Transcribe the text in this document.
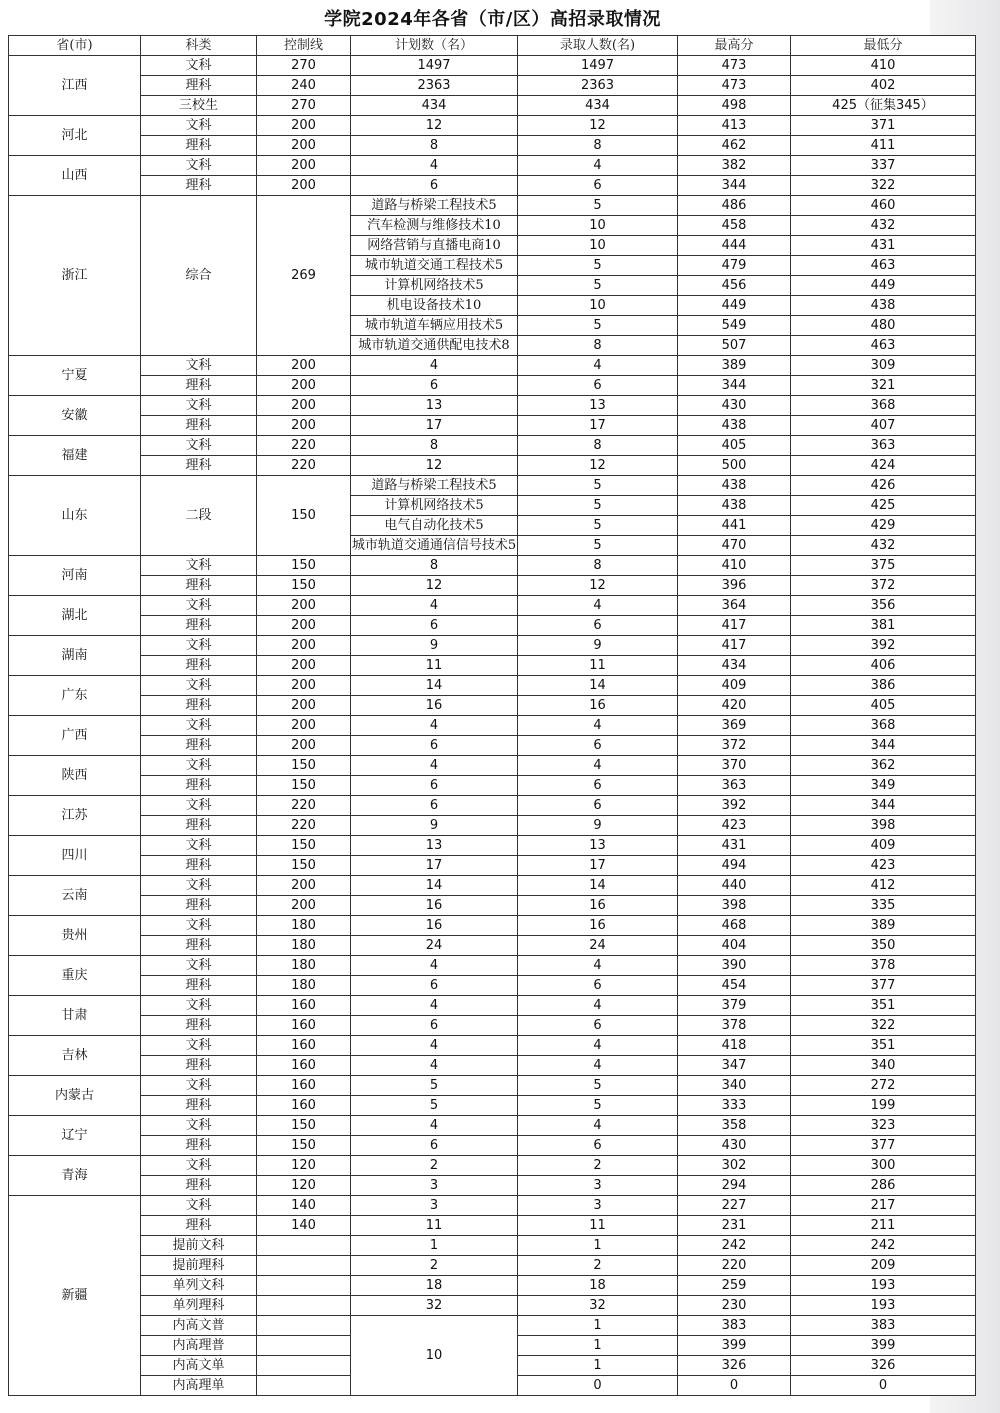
学院2024年各省（市/区）高招录取情况
省(市)	科类	控制线	计划数（名）	录取人数(名)	最高分	最低分
江西	文科	270	1497	1497	473	410
	理科	240	2363	2363	473	402
	三校生	270	434	434	498	425（征集345）
河北	文科	200	12	12	413	371
	理科	200	8	8	462	411
山西	文科	200	4	4	382	337
	理科	200	6	6	344	322
浙江	综合	269	道路与桥梁工程技术5	5	486	460
			汽车检测与维修技术10	10	458	432
			网络营销与直播电商10	10	444	431
			城市轨道交通工程技术5	5	479	463
			计算机网络技术5	5	456	449
			机电设备技术10	10	449	438
			城市轨道车辆应用技术5	5	549	480
			城市轨道交通供配电技术8	8	507	463
宁夏	文科	200	4	4	389	309
	理科	200	6	6	344	321
安徽	文科	200	13	13	430	368
	理科	200	17	17	438	407
福建	文科	220	8	8	405	363
	理科	220	12	12	500	424
山东	二段	150	道路与桥梁工程技术5	5	438	426
			计算机网络技术5	5	438	425
			电气自动化技术5	5	441	429
			城市轨道交通通信信号技术5	5	470	432
河南	文科	150	8	8	410	375
	理科	150	12	12	396	372
湖北	文科	200	4	4	364	356
	理科	200	6	6	417	381
湖南	文科	200	9	9	417	392
	理科	200	11	11	434	406
广东	文科	200	14	14	409	386
	理科	200	16	16	420	405
广西	文科	200	4	4	369	368
	理科	200	6	6	372	344
陕西	文科	150	4	4	370	362
	理科	150	6	6	363	349
江苏	文科	220	6	6	392	344
	理科	220	9	9	423	398
四川	文科	150	13	13	431	409
	理科	150	17	17	494	423
云南	文科	200	14	14	440	412
	理科	200	16	16	398	335
贵州	文科	180	16	16	468	389
	理科	180	24	24	404	350
重庆	文科	180	4	4	390	378
	理科	180	6	6	454	377
甘肃	文科	160	4	4	379	351
	理科	160	6	6	378	322
吉林	文科	160	4	4	418	351
	理科	160	4	4	347	340
内蒙古	文科	160	5	5	340	272
	理科	160	5	5	333	199
辽宁	文科	150	4	4	358	323
	理科	150	6	6	430	377
青海	文科	120	2	2	302	300
	理科	120	3	3	294	286
新疆	文科	140	3	3	227	217
	理科	140	11	11	231	211
	提前文科		1	1	242	242
	提前理科		2	2	220	209
	单列文科		18	18	259	193
	单列理科		32	32	230	193
	内高文普		10	1	383	383
	内高理普			1	399	399
	内高文单			1	326	326
	内高理单			0	0	0
